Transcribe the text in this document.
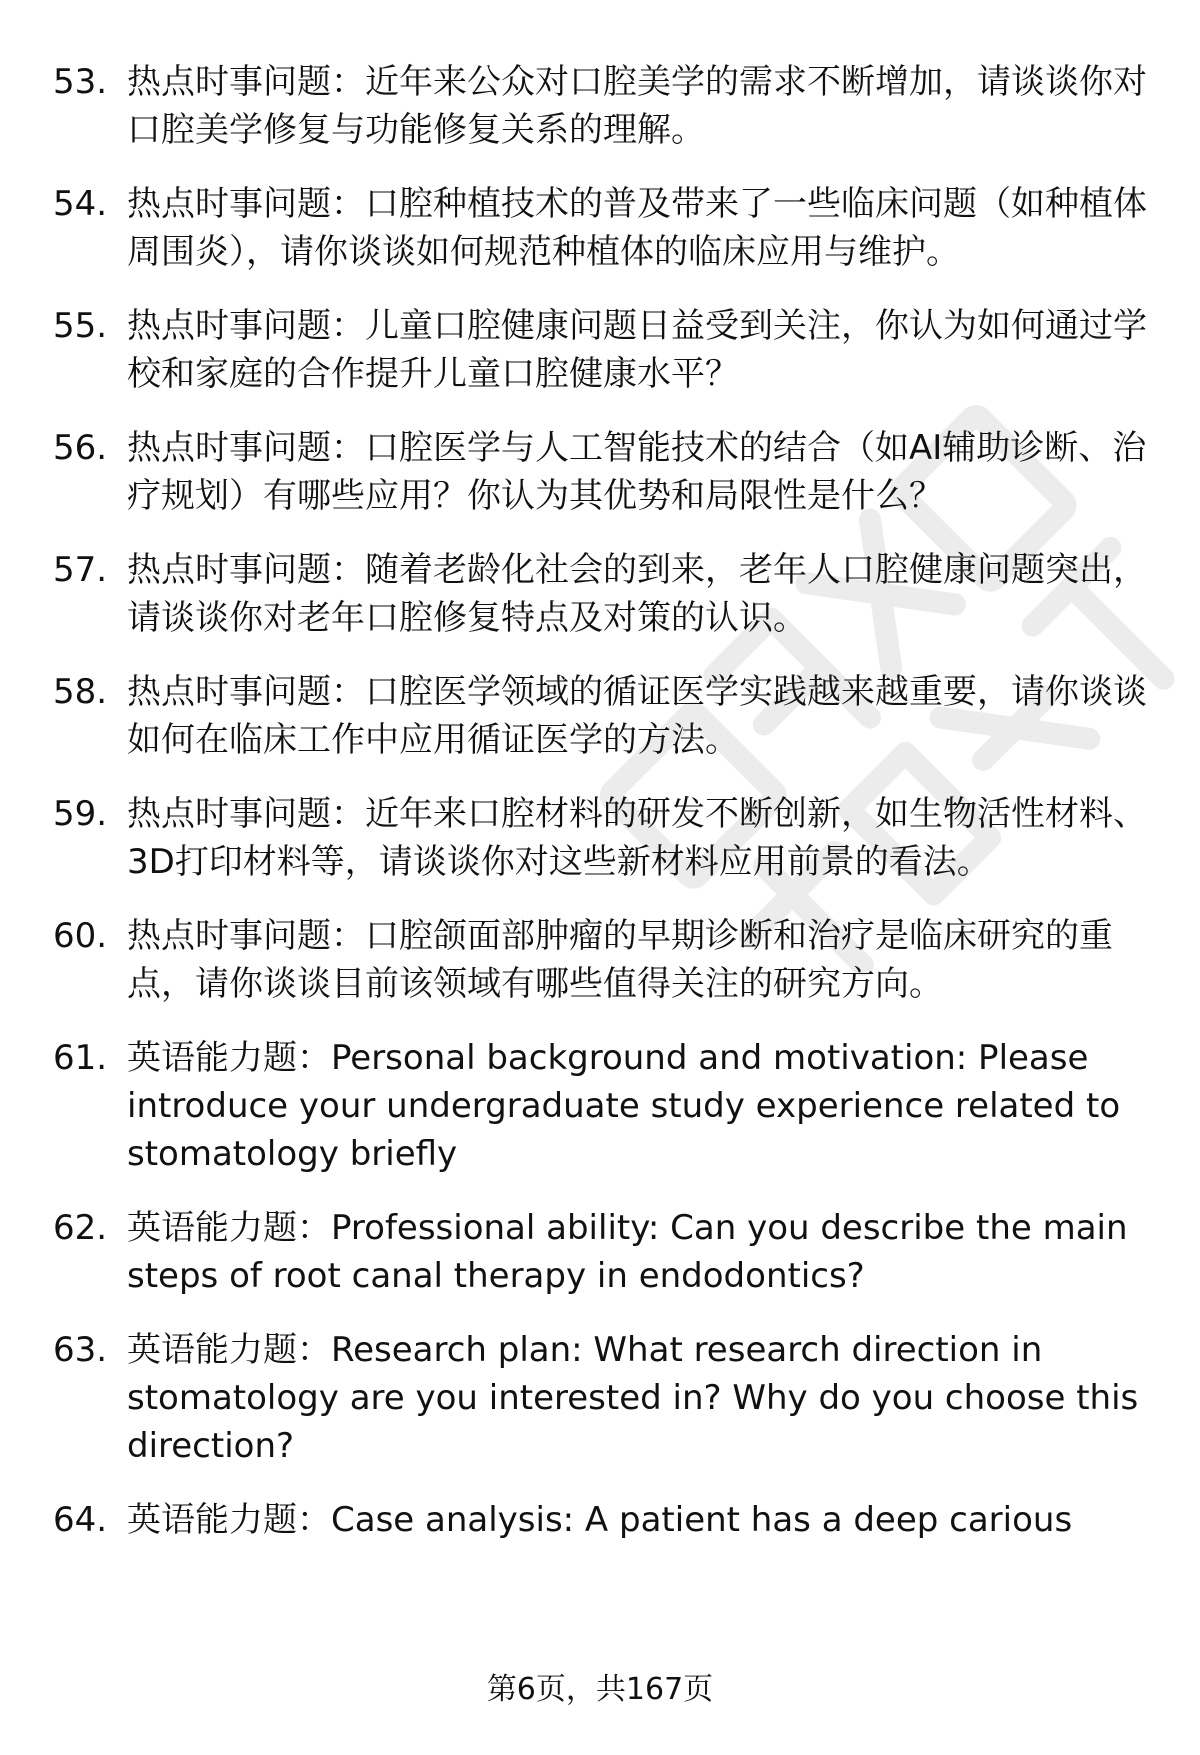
53. 热点时事问题：近年来公众对口腔美学的需求不断增加，请谈谈你对口腔美学修复与功能修复关系的理解。
54. 热点时事问题：口腔种植技术的普及带来了一些临床问题（如种植体周围炎），请你谈谈如何规范种植体的临床应用与维护。
55. 热点时事问题：儿童口腔健康问题日益受到关注，你认为如何通过学校和家庭的合作提升儿童口腔健康水平？
56. 热点时事问题：口腔医学与人工智能技术的结合（如AI辅助诊断、治疗规划）有哪些应用？你认为其优势和局限性是什么？
57. 热点时事问题：随着老龄化社会的到来，老年人口腔健康问题突出，请谈谈你对老年口腔修复特点及对策的认识。
58. 热点时事问题：口腔医学领域的循证医学实践越来越重要，请你谈谈如何在临床工作中应用循证医学的方法。
59. 热点时事问题：近年来口腔材料的研发不断创新，如生物活性材料、3D打印材料等，请谈谈你对这些新材料应用前景的看法。
60. 热点时事问题：口腔颌面部肿瘤的早期诊断和治疗是临床研究的重点，请你谈谈目前该领域有哪些值得关注的研究方向。
61. 英语能力题：Personal background and motivation: Please introduce your undergraduate study experience related to stomatology briefly
62. 英语能力题：Professional ability: Can you describe the main steps of root canal therapy in endodontics?
63. 英语能力题：Research plan: What research direction in stomatology are you interested in? Why do you choose this direction?
64. 英语能力题：Case analysis: A patient has a deep carious
第6页，共167页
